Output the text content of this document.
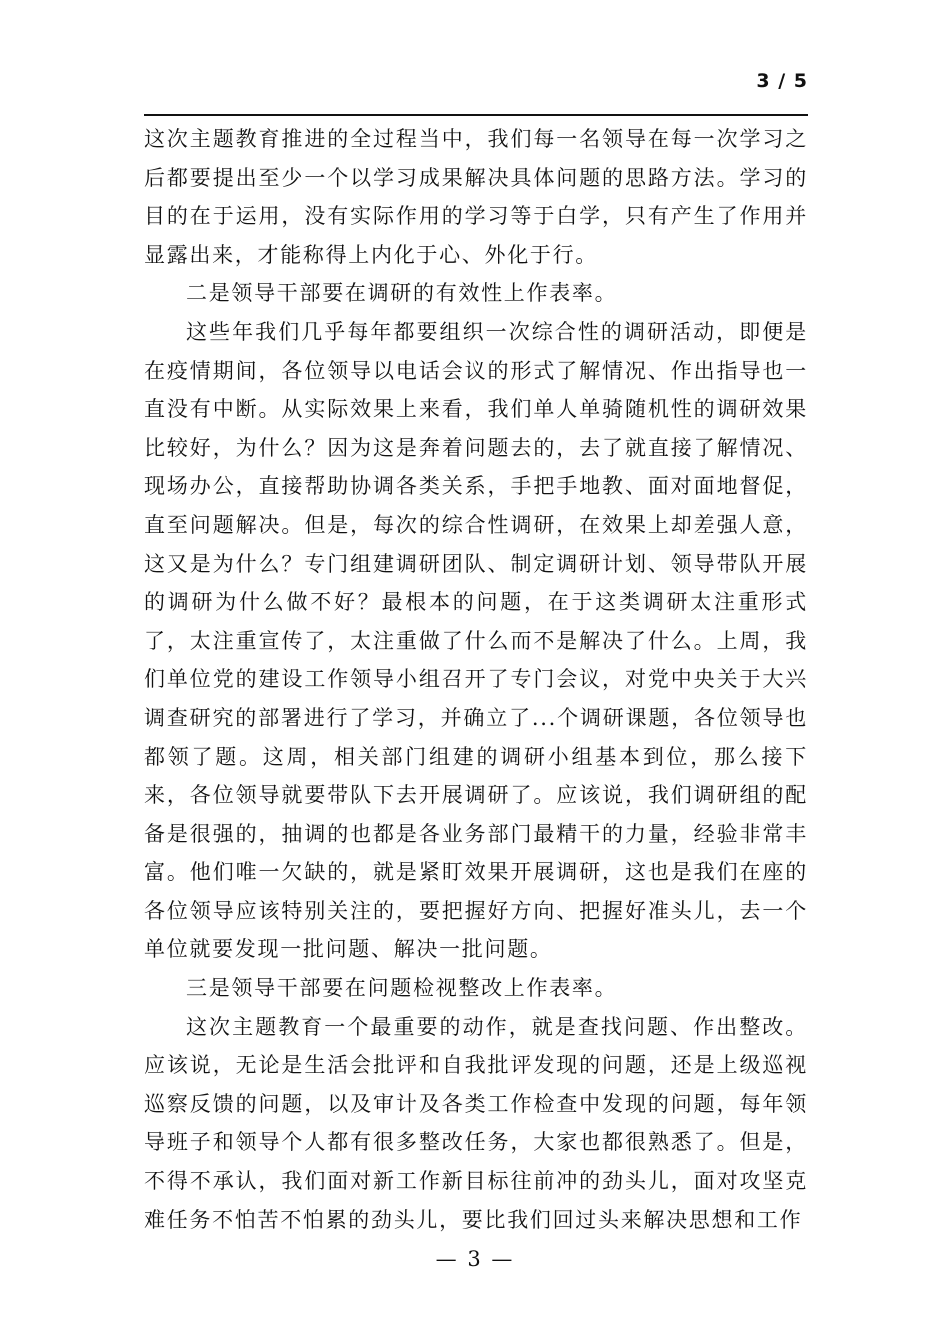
3 / 5

这次主题教育推进的全过程当中，我们每一名领导在每一次学习之后都要提出至少一个以学习成果解决具体问题的思路方法。学习的目的在于运用，没有实际作用的学习等于白学，只有产生了作用并显露出来，才能称得上内化于心、外化于行。

二是领导干部要在调研的有效性上作表率。

这些年我们几乎每年都要组织一次综合性的调研活动，即便是在疫情期间，各位领导以电话会议的形式了解情况、作出指导也一直没有中断。从实际效果上来看，我们单人单骑随机性的调研效果比较好，为什么？因为这是奔着问题去的，去了就直接了解情况、现场办公，直接帮助协调各类关系，手把手地教、面对面地督促，直至问题解决。但是，每次的综合性调研，在效果上却差强人意，这又是为什么？专门组建调研团队、制定调研计划、领导带队开展的调研为什么做不好？最根本的问题，在于这类调研太注重形式了，太注重宣传了，太注重做了什么而不是解决了什么。上周，我们单位党的建设工作领导小组召开了专门会议，对党中央关于大兴调查研究的部署进行了学习，并确立了...个调研课题，各位领导也都领了题。这周，相关部门组建的调研小组基本到位，那么接下来，各位领导就要带队下去开展调研了。应该说，我们调研组的配备是很强的，抽调的也都是各业务部门最精干的力量，经验非常丰富。他们唯一欠缺的，就是紧盯效果开展调研，这也是我们在座的各位领导应该特别关注的，要把握好方向、把握好准头儿，去一个单位就要发现一批问题、解决一批问题。

三是领导干部要在问题检视整改上作表率。

这次主题教育一个最重要的动作，就是查找问题、作出整改。应该说，无论是生活会批评和自我批评发现的问题，还是上级巡视巡察反馈的问题，以及审计及各类工作检查中发现的问题，每年领导班子和领导个人都有很多整改任务，大家也都很熟悉了。但是，不得不承认，我们面对新工作新目标往前冲的劲头儿，面对攻坚克难任务不怕苦不怕累的劲头儿，要比我们回过头来解决思想和工作

— 3 —
